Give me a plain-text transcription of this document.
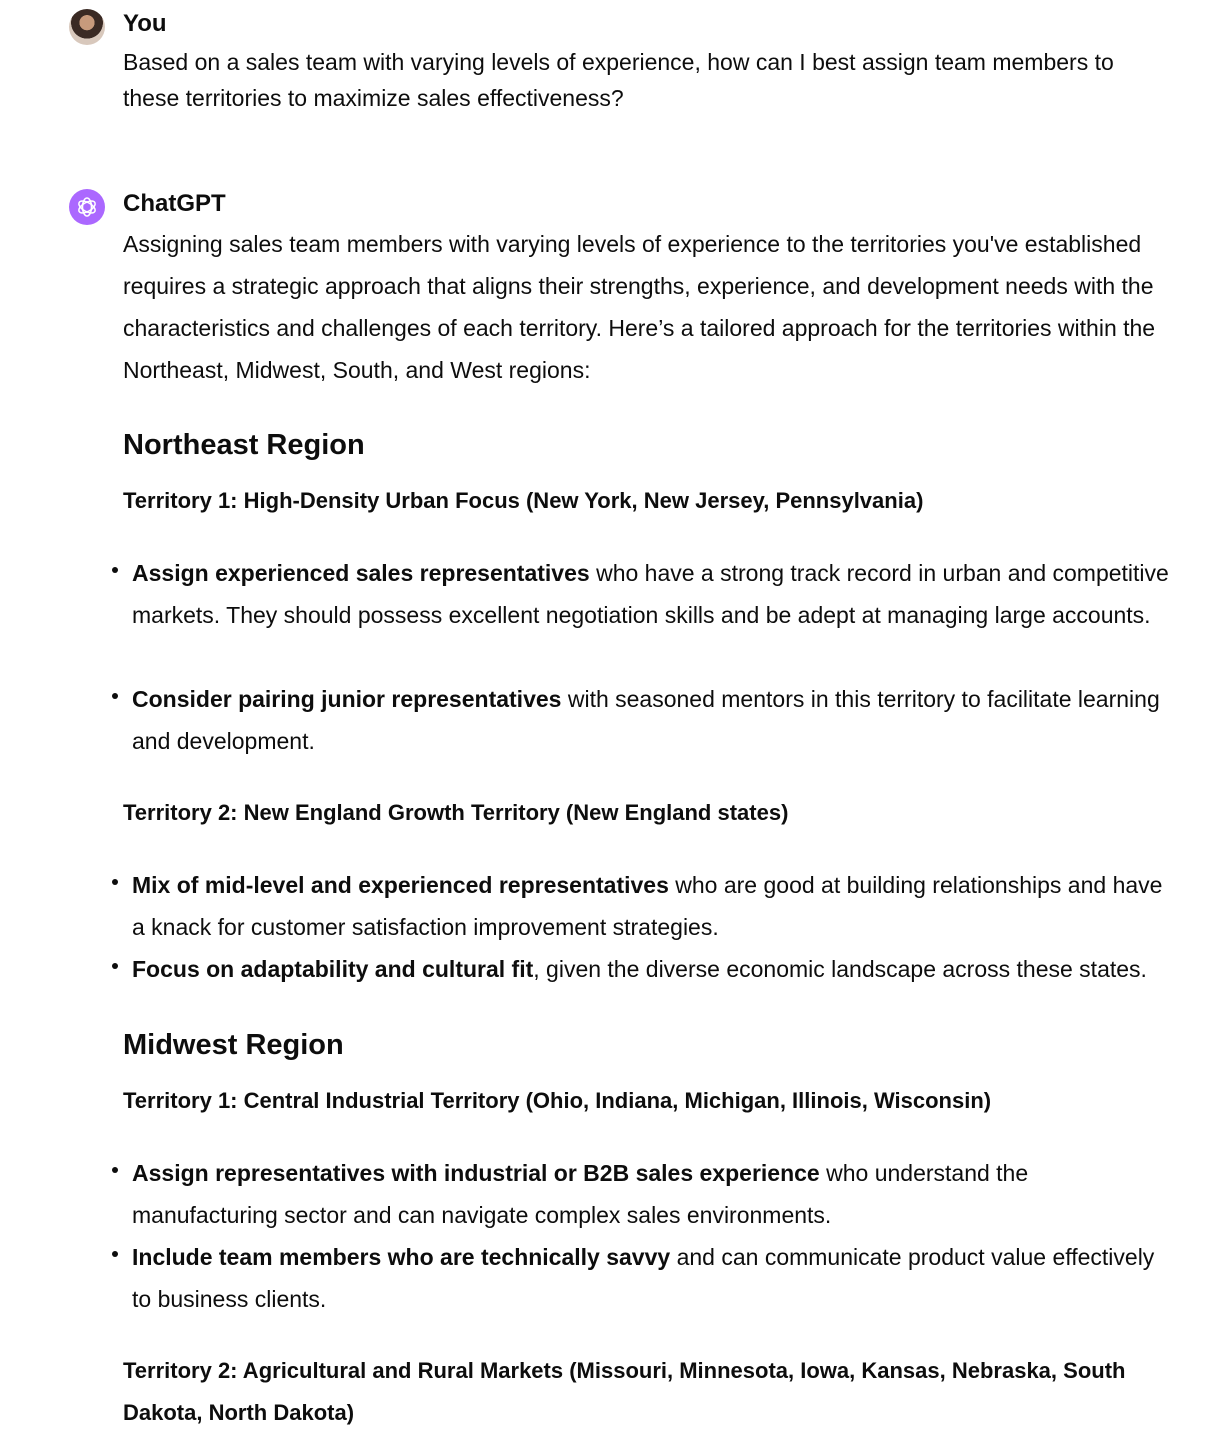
You
Based on a sales team with varying levels of experience, how can I best assign team members to these territories to maximize sales effectiveness?
ChatGPT
Assigning sales team members with varying levels of experience to the territories you've established requires a strategic approach that aligns their strengths, experience, and development needs with the characteristics and challenges of each territory. Here’s a tailored approach for the territories within the Northeast, Midwest, South, and West regions:
Northeast Region
Territory 1: High-Density Urban Focus (New York, New Jersey, Pennsylvania)
Assign experienced sales representatives who have a strong track record in urban and competitive markets. They should possess excellent negotiation skills and be adept at managing large accounts.
Consider pairing junior representatives with seasoned mentors in this territory to facilitate learning and development.
Territory 2: New England Growth Territory (New England states)
Mix of mid-level and experienced representatives who are good at building relationships and have a knack for customer satisfaction improvement strategies.
Focus on adaptability and cultural fit, given the diverse economic landscape across these states.
Midwest Region
Territory 1: Central Industrial Territory (Ohio, Indiana, Michigan, Illinois, Wisconsin)
Assign representatives with industrial or B2B sales experience who understand the manufacturing sector and can navigate complex sales environments.
Include team members who are technically savvy and can communicate product value effectively to business clients.
Territory 2: Agricultural and Rural Markets (Missouri, Minnesota, Iowa, Kansas, Nebraska, South Dakota, North Dakota)
